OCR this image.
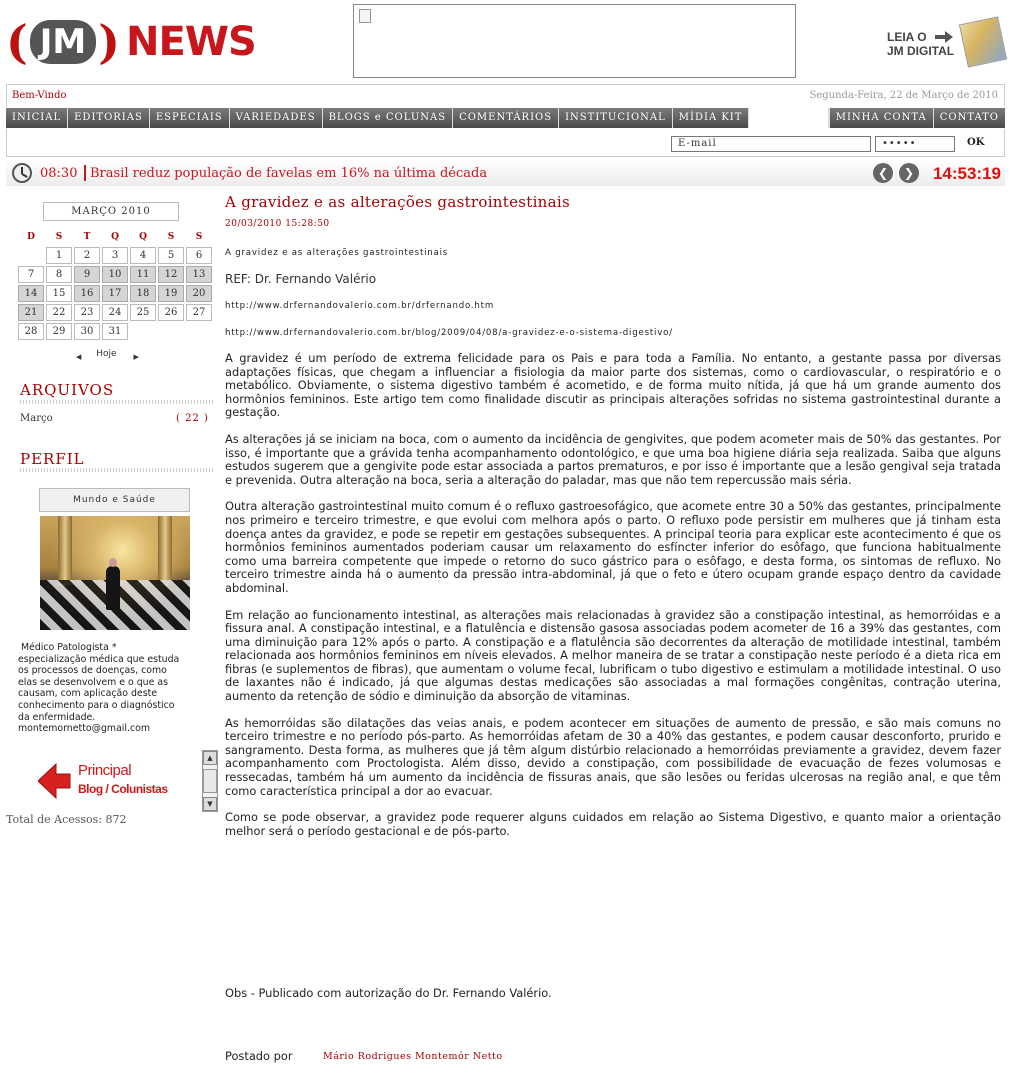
( JM ) NEWS	LEIA O
JM DIGITAL
Bem-Vindo	Segunda-Feira, 22 de Março de 2010
INICIAL	EDITORIAS	ESPECIAIS	VARIEDADES	BLOGS e COLUNAS	COMENTÁRIOS	INSTITUCIONAL	MÍDIA KIT	MINHA CONTA	CONTATO
E-mail	•••••	OK
08:30 Brasil reduz população de favelas em 16% na última década	❮	❯ 14:53:19
MARÇO 2010
D	S	T	Q	Q	S	S
	1	2	3	4	5	6
7	8	9	10	11	12	13
14	15	16	17	18	19	20
21	22	23	24	25	26	27
28	29	30	31			
◀ Hoje ▶
ARQUIVOS
Março	( 22 )
PERFIL
Mundo e Saúde
Médico Patologista *
especialização médica que estuda
os processos de doenças, como
elas se desenvolvem e o que as
causam, com aplicação deste
conhecimento para o diagnóstico
da enfermidade.
montemornetto@gmail.com
Principal
Blog / Colunistas
▲
▼
Total de Acessos: 872
A gravidez e as alterações gastrointestinais
20/03/2010 15:28:50
A gravidez e as alterações gastrointestinais
REF: Dr. Fernando Valério
http://www.drfernandovalerio.com.br/drfernando.htm
http://www.drfernandovalerio.com.br/blog/2009/04/08/a-gravidez-e-o-sistema-digestivo/

A gravidez é um período de extrema felicidade para os Pais e para toda a Família. No entanto, a gestante passa por diversas adaptações físicas, que chegam a influenciar a fisiologia da maior parte dos sistemas, como o cardiovascular, o respiratório e o metabólico. Obviamente, o sistema digestivo também é acometido, e de forma muito nítida, já que há um grande aumento dos hormônios femininos. Este artigo tem como finalidade discutir as principais alterações sofridas no sistema gastrointestinal durante a gestação.

As alterações já se iniciam na boca, com o aumento da incidência de gengivites, que podem acometer mais de 50% das gestantes. Por isso, é importante que a grávida tenha acompanhamento odontológico, e que uma boa higiene diária seja realizada. Saiba que alguns estudos sugerem que a gengivite pode estar associada a partos prematuros, e por isso é importante que a lesão gengival seja tratada e prevenida. Outra alteração na boca, seria a alteração do paladar, mas que não tem repercussão mais séria.

Outra alteração gastrointestinal muito comum é o refluxo gastroesofágico, que acomete entre 30 a 50% das gestantes, principalmente nos primeiro e terceiro trimestre, e que evolui com melhora após o parto. O refluxo pode persistir em mulheres que já tinham esta doença antes da gravidez, e pode se repetir em gestações subsequentes. A principal teoria para explicar este acontecimento é que os hormônios femininos aumentados poderiam causar um relaxamento do esfíncter inferior do esôfago, que funciona habitualmente como uma barreira competente que impede o retorno do suco gástrico para o esôfago, e desta forma, os sintomas de refluxo. No terceiro trimestre ainda há o aumento da pressão intra-abdominal, já que o feto e útero ocupam grande espaço dentro da cavidade abdominal.

Em relação ao funcionamento intestinal, as alterações mais relacionadas à gravidez são a constipação intestinal, as hemorróidas e a fissura anal. A constipação intestinal, e a flatulência e distensão gasosa associadas podem acometer de 16 a 39% das gestantes, com uma diminuição para 12% após o parto. A constipação e a flatulência são decorrentes da alteração de motilidade intestinal, também relacionada aos hormônios femininos em níveis elevados. A melhor maneira de se tratar a constipação neste período é a dieta rica em fibras (e suplementos de fibras), que aumentam o volume fecal, lubrificam o tubo digestivo e estimulam a motilidade intestinal. O uso de laxantes não é indicado, já que algumas destas medicações são associadas a mal formações congênitas, contração uterina, aumento da retenção de sódio e diminuição da absorção de vitaminas.

As hemorróidas são dilatações das veias anais, e podem acontecer em situações de aumento de pressão, e são mais comuns no terceiro trimestre e no período pós-parto. As hemorróidas afetam de 30 a 40% das gestantes, e podem causar desconforto, prurido e sangramento. Desta forma, as mulheres que já têm algum distúrbio relacionado a hemorróidas previamente a gravidez, devem fazer acompanhamento com Proctologista. Além disso, devido a constipação, com possibilidade de evacuação de fezes volumosas e ressecadas, também há um aumento da incidência de fissuras anais, que são lesões ou feridas ulcerosas na região anal, e que têm como característica principal a dor ao evacuar.

Como se pode observar, a gravidez pode requerer alguns cuidados em relação ao Sistema Digestivo, e quanto maior a orientação melhor será o período gestacional e de pós-parto.

Obs - Publicado com autorização do Dr. Fernando Valério.
Postado por	Mário Rodrigues Montemór Netto
